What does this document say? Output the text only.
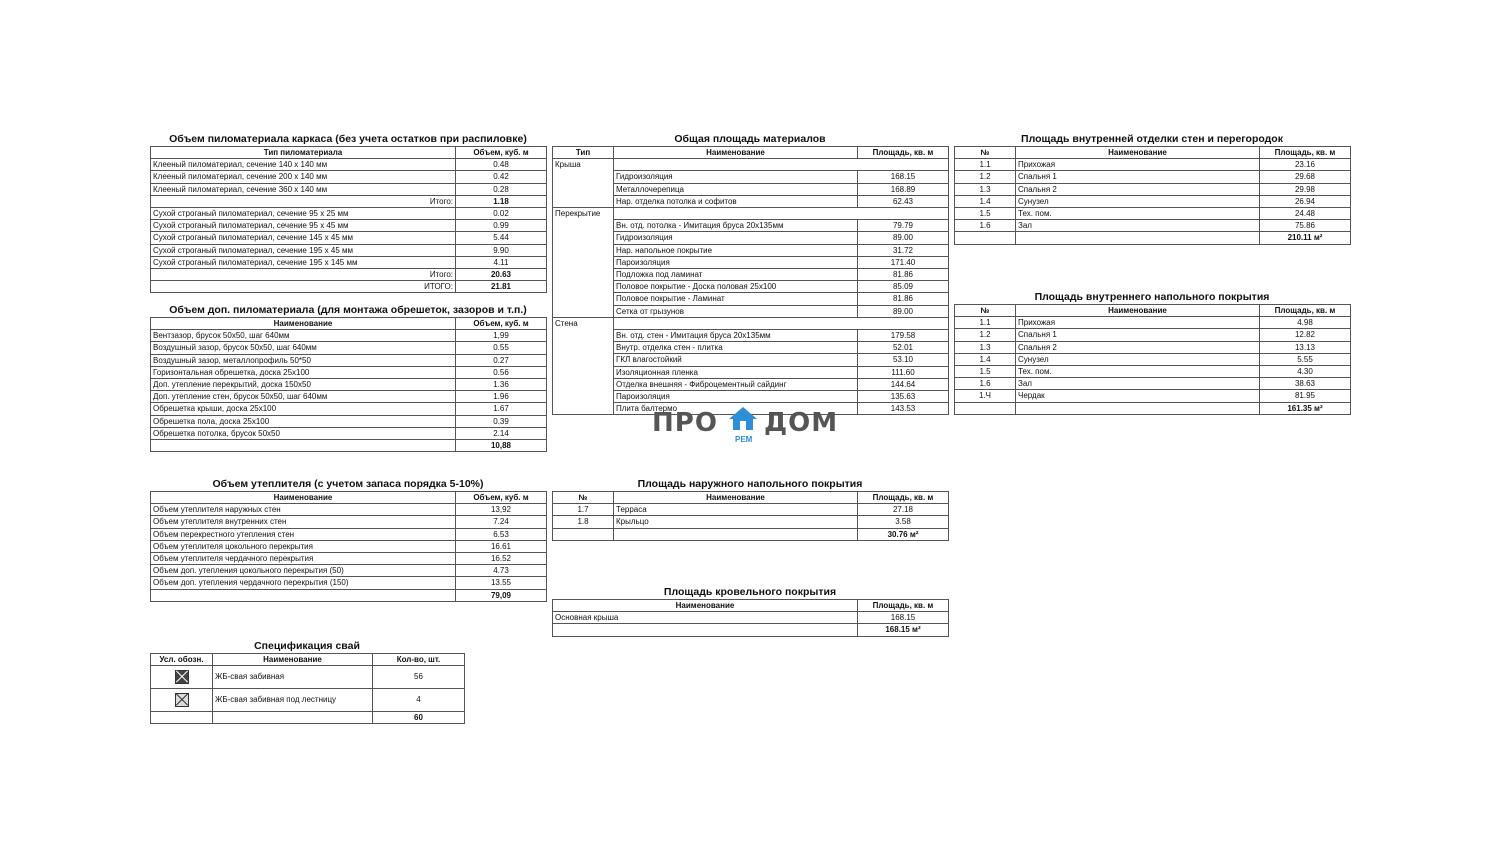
Объем пиломатериала каркаса (без учета остатков при распиловке)
Тип пиломатериала	Объем, куб. м
Клееный пиломатериал, сечение 140 х 140 мм	0.48
Клееный пиломатериал, сечение 200 х 140 мм	0.42
Клееный пиломатериал, сечение 360 х 140 мм	0.28
Итого:	1.18
Сухой строганый пиломатериал, сечение 95 х 25 мм	0.02
Сухой строганый пиломатериал, сечение 95 х 45 мм	0.99
Сухой строганый пиломатериал, сечение 145 х 45 мм	5.44
Сухой строганый пиломатериал, сечение 195 х 45 мм	9.90
Сухой строганый пиломатериал, сечение 195 х 145 мм	4.11
Итого:	20.63
ИТОГО:	21.81
Объем доп. пиломатериала (для монтажа обрешеток, зазоров и т.п.)
Наименование	Объем, куб. м
Вентзазор, брусок 50х50, шаг 640мм	1,99
Воздушный зазор, брусок 50х50, шаг 640мм	0.55
Воздушный зазор, металлопрофиль 50*50	0.27
Горизонтальная обрешетка, доска 25х100	0.56
Доп. утепление перекрытий, доска 150х50	1.36
Доп. утепление стен, брусок 50х50, шаг 640мм	1.96
Обрешетка крыши, доска 25х100	1.67
Обрешетка пола, доска 25х100	0.39
Обрешетка потолка, брусок 50х50	2.14
	10,88
Объем утеплителя (с учетом запаса порядка 5-10%)
Наименование	Объем, куб. м
Объем утеплителя наружных стен	13,92
Объем утеплителя внутренних стен	7.24
Объем перекрестного утепления стен	6.53
Объем утеплителя цокольного перекрытия	16.61
Объем утеплителя чердачного перекрытия	16.52
Объем доп. утепления цокольного перекрытия (50)	4.73
Объем доп. утепления чердачного перекрытия (150)	13.55
	79,09
Спецификация свай
Усл. обозн.	Наименование	Кол-во, шт.
	ЖБ-свая забивная	56
	ЖБ-свая забивная под лестницу	4
		60
Общая площадь материалов
Тип	Наименование	Площадь, кв. м
Крыша		
	Гидроизоляция	168.15
	Металлочерепица	168.89
	Нар. отделка потолка и софитов	62.43
Перекрытие		
	Вн. отд. потолка - Имитация бруса 20х135мм	79.79
	Гидроизоляция	89.00
	Нар. напольное покрытие	31.72
	Пароизоляция	171.40
	Подложка под ламинат	81.86
	Половое покрытие - Доска половая 25х100	85.09
	Половое покрытие - Ламинат	81.86
	Сетка от грызунов	89.00
Стена		
	Вн. отд. стен - Имитация бруса 20х135мм	179.58
	Внутр. отделка стен - плитка	52.01
	ГКЛ влагостойкий	53.10
	Изоляционная пленка	111.60
	Отделка внешняя - Фиброцементный сайдинг	144.64
	Пароизоляция	135.63
	Плита балтермо	143.53
ПРО
РЕМ
ДОМ
Площадь наружного напольного покрытия
№	Наименование	Площадь, кв. м
1.7	Терраса	27.18
1.8	Крыльцо	3.58
		30.76 м²
Площадь кровельного покрытия
Наименование	Площадь, кв. м
Основная крыша	168.15
	168.15 м²
Площадь внутренней отделки стен и перегородок
№	Наименование	Площадь, кв. м
1.1	Прихожая	23.16
1.2	Спальня 1	29.68
1.3	Спальня 2	29.98
1.4	Сунузел	26.94
1.5	Тех. пом.	24.48
1.6	Зал	75.86
		210.11 м²
Площадь внутреннего напольного покрытия
№	Наименование	Площадь, кв. м
1.1	Прихожая	4.98
1.2	Спальня 1	12.82
1.3	Спальня 2	13.13
1.4	Сунузел	5.55
1.5	Тех. пом.	4.30
1.6	Зал	38.63
1.Ч	Чердак	81.95
		161.35 м²
